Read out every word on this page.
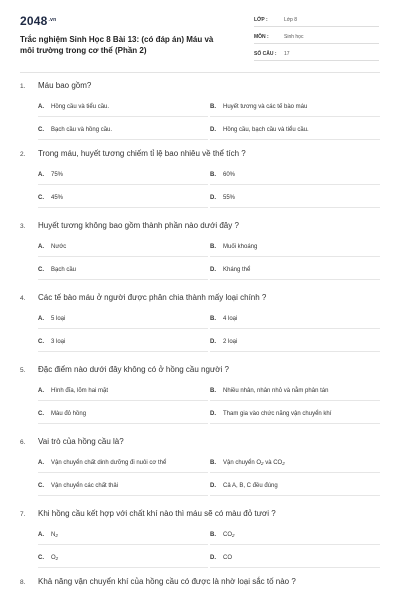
$2048^{.vn}$
Trắc nghiệm Sinh Học 8 Bài 13: (có đáp án) Máu và môi trường trong cơ thể (Phần 2)
LỚP :	Lớp 8
MÔN :	Sinh học
SỐ CÂU : 17
1. Máu bao gồm?
A. Hồng cầu và tiểu cầu.	B. Huyết tương và các tế bào máu
C. Bạch cầu và hồng cầu.	D. Hồng cầu, bạch cầu và tiểu cầu.
2. Trong máu, huyết tương chiếm tỉ lệ bao nhiêu về thể tích ?
A. 75%	B. 60%
C. 45%	D. 55%
3. Huyết tương không bao gồm thành phần nào dưới đây ?
A. Nước	B. Muối khoáng
C. Bạch cầu	D. Kháng thể
4. Các tế bào máu ở người được phân chia thành mấy loại chính ?
A. 5 loại	B. 4 loại
C. 3 loại	D. 2 loại
5. Đặc điểm nào dưới đây không có ở hồng cầu người ?
A. Hình đĩa, lõm hai mặt	B. Nhiều nhân, nhân nhỏ và nằm phân tán
C. Màu đỏ hồng	D. Tham gia vào chức năng vận chuyển khí
6. Vai trò của hồng cầu là?
A. Vận chuyển chất dinh dưỡng đi nuôi cơ thể	B. Vận chuyển $O_2$ và $CO_2$
C. Vận chuyển các chất thải	D. Cả A, B, C đều đúng
7. Khi hồng cầu kết hợp với chất khí nào thì máu sẽ có màu đỏ tươi ?
A. $N_2$	B. $CO_2$
C. $O_2$	D. CO
8. Khả năng vận chuyển khí của hồng cầu có được là nhờ loại sắc tố nào ?
